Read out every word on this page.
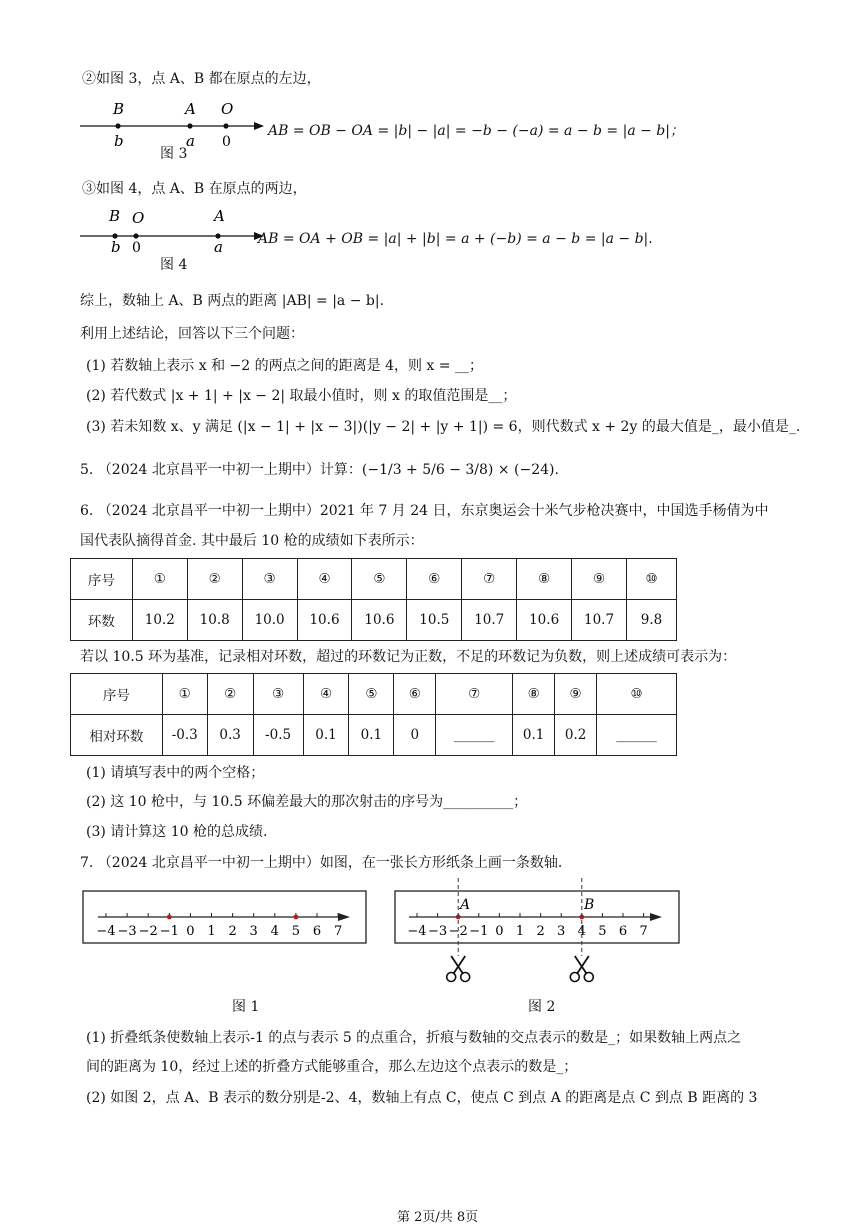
②如图 3，点 A、B 都在原点的左边，
B	A O
b	a 0
图 3
AB = OB − OA = |b| − |a| = −b − (−a) = a − b = |a − b|；
③如图 4，点 A、B 在原点的两边，
B O	A
b 0	a
图 4
AB = OA + OB = |a| + |b| = a + (−b) = a − b = |a − b|.
综上，数轴上 A、B 两点的距离 |AB| = |a − b|.
利用上述结论，回答以下三个问题：
(1) 若数轴上表示 x 和 −2 的两点之间的距离是 4，则 x = __；
(2) 若代数式 |x + 1| + |x − 2| 取最小值时，则 x 的取值范围是__；
(3) 若未知数 x、y 满足 (|x − 1| + |x − 3|)(|y − 2| + |y + 1|) = 6，则代数式 x + 2y 的最大值是_，最小值是_.
5. （2024 北京昌平一中初一上期中）计算：(−1/3 + 5/6 − 3/8) × (−24).
6. （2024 北京昌平一中初一上期中）2021 年 7 月 24 日，东京奥运会十米气步枪决赛中，中国选手杨倩为中
国代表队摘得首金. 其中最后 10 枪的成绩如下表所示：
序号	①	②	③	④	⑤	⑥	⑦	⑧	⑨	⑩
环数	10.2	10.8	10.0	10.6	10.6	10.5	10.7	10.6	10.7	9.8
若以 10.5 环为基准，记录相对环数，超过的环数记为正数，不足的环数记为负数，则上述成绩可表示为：
序号	①	②	③	④	⑤	⑥	⑦	⑧	⑨	⑩
相对环数	-0.3	0.3	-0.5	0.1	0.1	0	______	0.1	0.2	______
(1) 请填写表中的两个空格；
(2) 这 10 枪中，与 10.5 环偏差最大的那次射击的序号为__________；
(3) 请计算这 10 枪的总成绩.
7. （2024 北京昌平一中初一上期中）如图，在一张长方形纸条上画一条数轴.
−4 −3 −2 −1 0 1 2 3 4 5 6 7
图 1
A	B
−4 −3 −2 −1 0 1 2 3 4 5 6 7
图 2
(1) 折叠纸条使数轴上表示-1 的点与表示 5 的点重合，折痕与数轴的交点表示的数是_；如果数轴上两点之
间的距离为 10，经过上述的折叠方式能够重合，那么左边这个点表示的数是_；
(2) 如图 2，点 A、B 表示的数分别是-2、4，数轴上有点 C，使点 C 到点 A 的距离是点 C 到点 B 距离的 3
第 2页/共 8页
